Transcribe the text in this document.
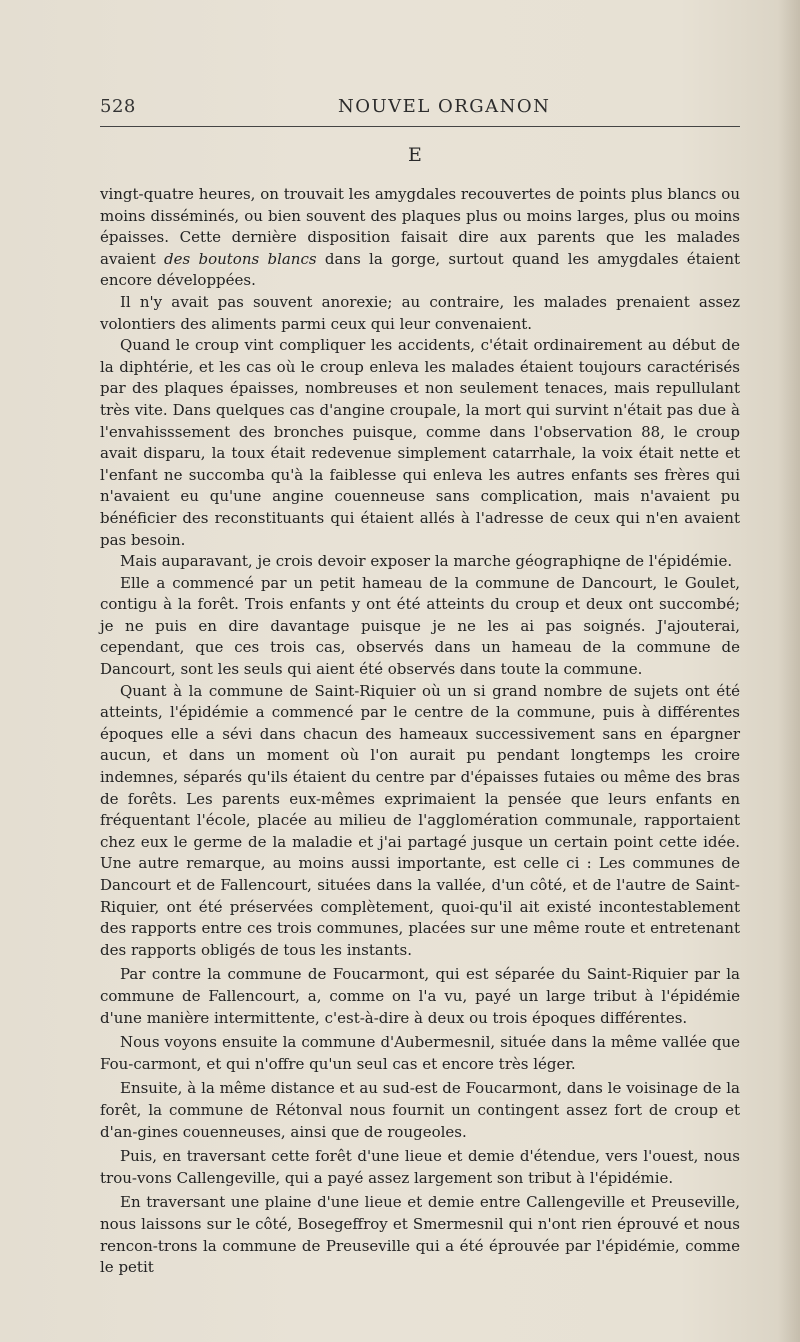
528	NOUVEL ORGANON
E

vingt-quatre heures, on trouvait les amygdales recouvertes de points plus blancs ou moins disséminés, ou bien souvent des plaques plus ou moins larges, plus ou moins épaisses. Cette dernière disposition faisait dire aux parents que les malades avaient des boutons blancs dans la gorge, surtout quand les amygdales étaient encore développées.

Il n'y avait pas souvent anorexie; au contraire, les malades prenaient assez volontiers des aliments parmi ceux qui leur convenaient.

Quand le croup vint compliquer les accidents, c'était ordinairement au début de la diphtérie, et les cas où le croup enleva les malades étaient toujours caractérisés par des plaques épaisses, nombreuses et non seulement tenaces, mais repullulant très vite. Dans quelques cas d'angine croupale, la mort qui survint n'était pas due à l'envahisssement des bronches puisque, comme dans l'observation 88, le croup avait disparu, la toux était redevenue simplement catarrhale, la voix était nette et l'enfant ne succomba qu'à la faiblesse qui enleva les autres enfants ses frères qui n'avaient eu qu'une angine couenneuse sans complication, mais n'avaient pu bénéficier des reconstituants qui étaient allés à l'adresse de ceux qui n'en avaient pas besoin.

Mais auparavant, je crois devoir exposer la marche géographiqne de l'épidémie.

Elle a commencé par un petit hameau de la commune de Dancourt, le Goulet, contigu à la forêt. Trois enfants y ont été atteints du croup et deux ont succombé; je ne puis en dire davantage puisque je ne les ai pas soignés. J'ajouterai, cependant, que ces trois cas, observés dans un hameau de la commune de Dancourt, sont les seuls qui aient été observés dans toute la commune.

Quant à la commune de Saint-Riquier où un si grand nombre de sujets ont été atteints, l'épidémie a commencé par le centre de la commune, puis à différentes époques elle a sévi dans chacun des hameaux successivement sans en épargner aucun, et dans un moment où l'on aurait pu pendant longtemps les croire indemnes, séparés qu'ils étaient du centre par d'épaisses futaies ou même des bras de forêts. Les parents eux-mêmes exprimaient la pensée que leurs enfants en fréquentant l'école, placée au milieu de l'agglomération communale, rapportaient chez eux le germe de la maladie et j'ai partagé jusque un certain point cette idée. Une autre remarque, au moins aussi importante, est celle ci : Les communes de Dancourt et de Fallencourt, situées dans la vallée, d'un côté, et de l'autre de Saint-Riquier, ont été préservées complètement, quoi-qu'il ait existé incontestablement des rapports entre ces trois communes, placées sur une même route et entretenant des rapports obligés de tous les instants.

Par contre la commune de Foucarmont, qui est séparée du Saint-Riquier par la commune de Fallencourt, a, comme on l'a vu, payé un large tribut à l'épidémie d'une manière intermittente, c'est-à-dire à deux ou trois époques différentes.

Nous voyons ensuite la commune d'Aubermesnil, située dans la même vallée que Fou-carmont, et qui n'offre qu'un seul cas et encore très léger.

Ensuite, à la même distance et au sud-est de Foucarmont, dans le voisinage de la forêt, la commune de Rétonval nous fournit un contingent assez fort de croup et d'an-gines couenneuses, ainsi que de rougeoles.

Puis, en traversant cette forêt d'une lieue et demie d'étendue, vers l'ouest, nous trou-vons Callengeville, qui a payé assez largement son tribut à l'épidémie.

En traversant une plaine d'une lieue et demie entre Callengeville et Preuseville, nous laissons sur le côté, Bosegeffroy et Smermesnil qui n'ont rien éprouvé et nous rencon-trons la commune de Preuseville qui a été éprouvée par l'épidémie, comme le petit
